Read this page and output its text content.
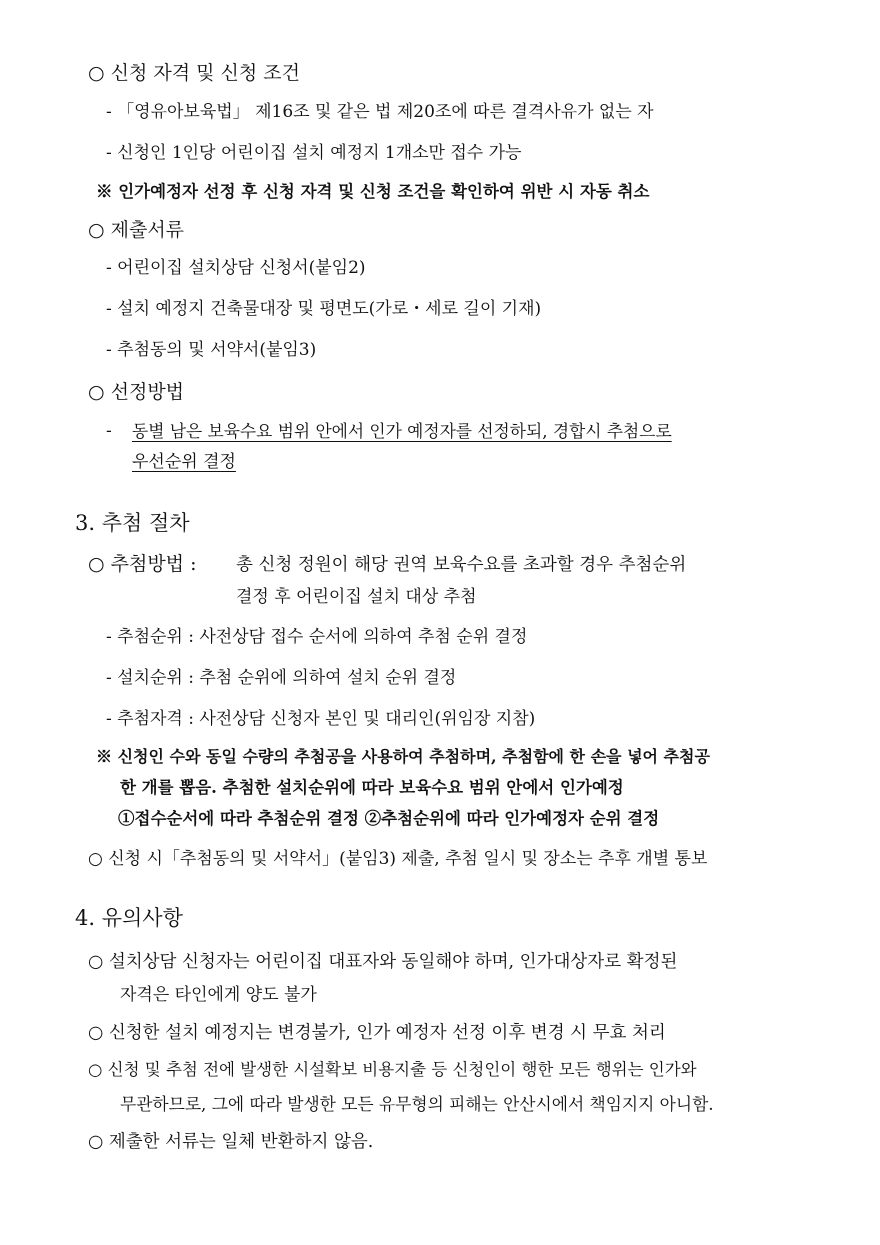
○ 신청 자격 및 신청 조건
- 「영유아보육법」 제16조 및 같은 법 제20조에 따른 결격사유가 없는 자
- 신청인 1인당 어린이집 설치 예정지 1개소만 접수 가능
※ 인가예정자 선정 후 신청 자격 및 신청 조건을 확인하여 위반 시 자동 취소
○ 제출서류
- 어린이집 설치상담 신청서(붙임2)
- 설치 예정지 건축물대장 및 평면도(가로・세로 길이 기재)
- 추첨동의 및 서약서(붙임3)
○ 선정방법
- 동별 남은 보육수요 범위 안에서 인가 예정자를 선정하되, 경합시 추첨으로
우선순위 결정
3. 추첨 절차
○ 추첨방법 : 총 신청 정원이 해당 권역 보육수요를 초과할 경우 추첨순위
결정 후 어린이집 설치 대상 추첨
- 추첨순위 : 사전상담 접수 순서에 의하여 추첨 순위 결정
- 설치순위 : 추첨 순위에 의하여 설치 순위 결정
- 추첨자격 : 사전상담 신청자 본인 및 대리인(위임장 지참)
※ 신청인 수와 동일 수량의 추첨공을 사용하여 추첨하며, 추첨함에 한 손을 넣어 추첨공
한 개를 뽑음. 추첨한 설치순위에 따라 보육수요 범위 안에서 인가예정
①접수순서에 따라 추첨순위 결정 ②추첨순위에 따라 인가예정자 순위 결정
○ 신청 시「추첨동의 및 서약서」(붙임3) 제출, 추첨 일시 및 장소는 추후 개별 통보
4. 유의사항
○ 설치상담 신청자는 어린이집 대표자와 동일해야 하며, 인가대상자로 확정된
자격은 타인에게 양도 불가
○ 신청한 설치 예정지는 변경불가, 인가 예정자 선정 이후 변경 시 무효 처리
○ 신청 및 추첨 전에 발생한 시설확보 비용지출 등 신청인이 행한 모든 행위는 인가와
무관하므로, 그에 따라 발생한 모든 유무형의 피해는 안산시에서 책임지지 아니함.
○ 제출한 서류는 일체 반환하지 않음.
